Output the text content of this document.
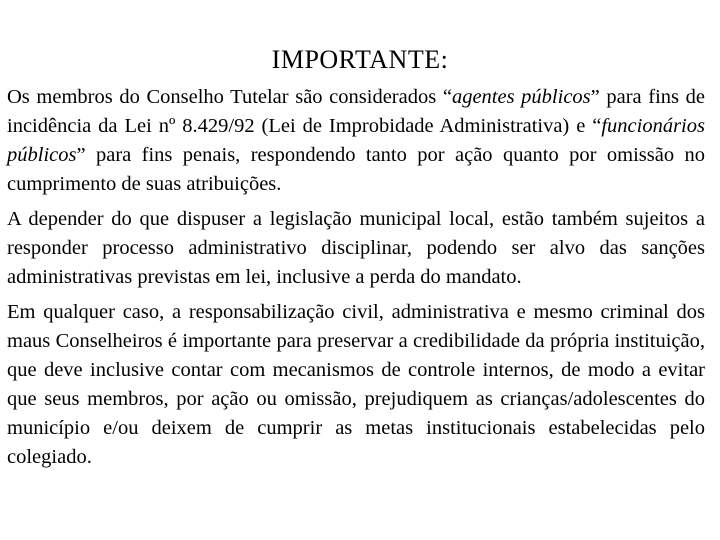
IMPORTANTE:

Os membros do Conselho Tutelar são considerados “agentes públicos” para fins de incidência da Lei nº 8.429/92 (Lei de Improbidade Administrativa) e “funcionários públicos” para fins penais, respondendo tanto por ação quanto por omissão no cumprimento de suas atribuições.

A depender do que dispuser a legislação municipal local, estão também sujeitos a responder processo administrativo disciplinar, podendo ser alvo das sanções administrativas previstas em lei, inclusive a perda do mandato.

Em qualquer caso, a responsabilização civil, administrativa e mesmo criminal dos maus Conselheiros é importante para preservar a credibilidade da própria instituição, que deve inclusive contar com mecanismos de controle internos, de modo a evitar que seus membros, por ação ou omissão, prejudiquem as crianças/adolescentes do município e/ou deixem de cumprir as metas institucionais estabelecidas pelo colegiado.
